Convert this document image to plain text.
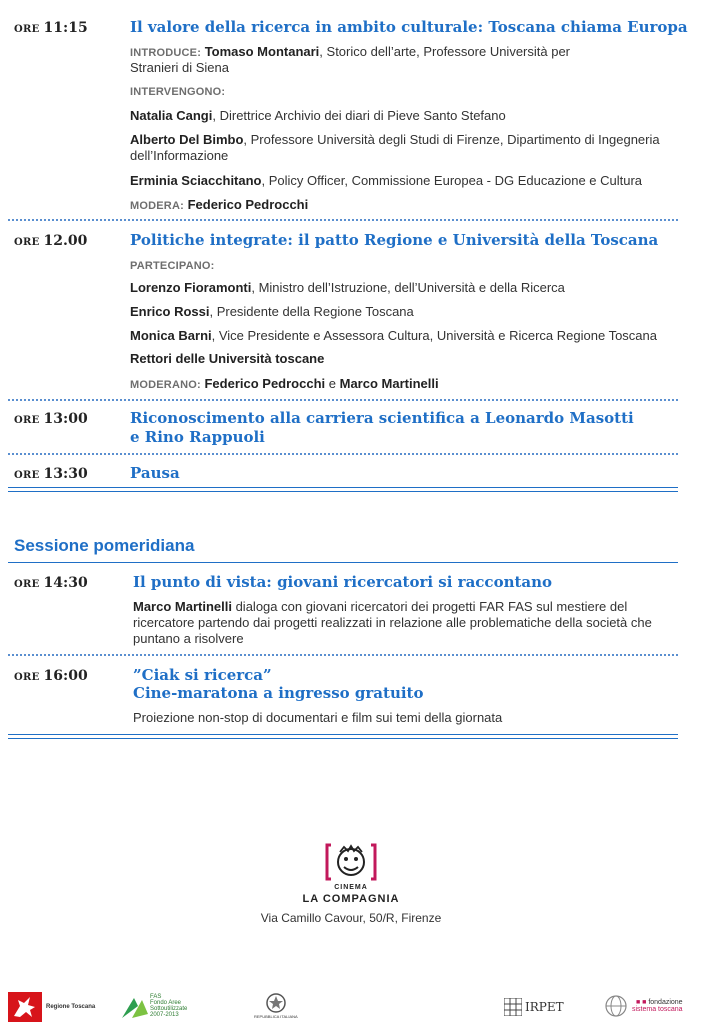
ORE 11:15	Il valore della ricerca in ambito culturale: Toscana chiama Europa
INTRODUCE: Tomaso Montanari, Storico dell’arte, Professore Università per
Stranieri di Siena
INTERVENGONO:
Natalia Cangi, Direttrice Archivio dei diari di Pieve Santo Stefano
Alberto Del Bimbo, Professore Università degli Studi di Firenze, Dipartimento di Ingegneria
dell’Informazione
Erminia Sciacchitano, Policy Officer, Commissione Europea - DG Educazione e Cultura
MODERA: Federico Pedrocchi
ORE 12.00	Politiche integrate: il patto Regione e Università della Toscana
PARTECIPANO:
Lorenzo Fioramonti, Ministro dell’Istruzione, dell’Università e della Ricerca
Enrico Rossi, Presidente della Regione Toscana
Monica Barni, Vice Presidente e Assessora Cultura, Università e Ricerca Regione Toscana
Rettori delle Università toscane
MODERANO: Federico Pedrocchi e Marco Martinelli
ORE 13:00	Riconoscimento alla carriera scientifica a Leonardo Masotti
e Rino Rappuoli
ORE 13:30	Pausa
Sessione pomeridiana
ORE 14:30	Il punto di vista: giovani ricercatori si raccontano
Marco Martinelli dialoga con giovani ricercatori dei progetti FAR FAS sul mestiere del
ricercatore partendo dai progetti realizzati in relazione alle problematiche della società che
puntano a risolvere
ORE 16:00	”Ciak si ricerca”
Cine-maratona a ingresso gratuito
Proiezione non-stop di documentari e film sui temi della giornata
CINEMA
LA COMPAGNIA
Via Camillo Cavour, 50/R, Firenze
Regione Toscana
FAS
Fondo Aree
Sottoutilizzate
2007-2013	REPUBBLICA ITALIANA
IRPET	■ ■ fondazione
sistema toscana
